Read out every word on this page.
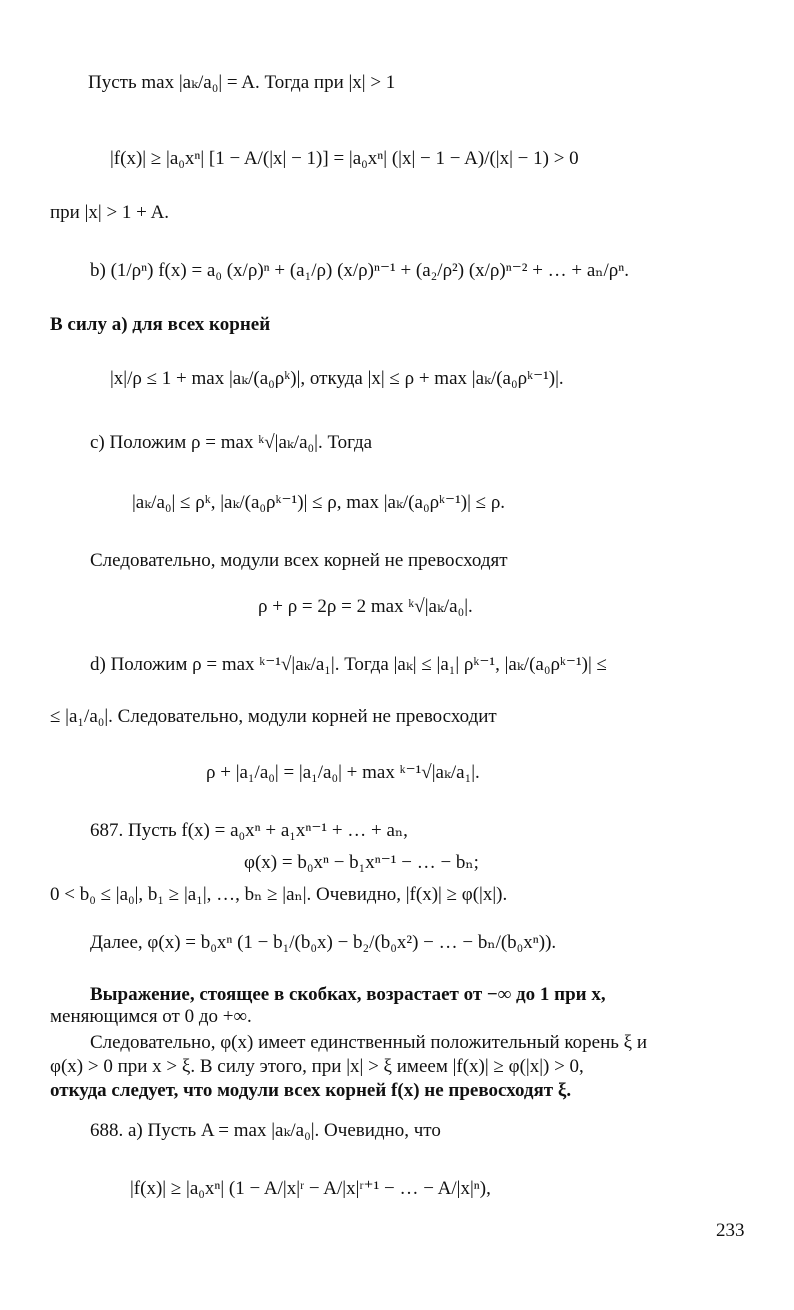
Пусть max |aₖ/a₀| = A. Тогда при |x| > 1
|f(x)| ≥ |a₀xⁿ| [1 − A/(|x| − 1)] = |a₀xⁿ| (|x| − 1 − A)/(|x| − 1) > 0
при |x| > 1 + A.
b) (1/ρⁿ) f(x) = a₀ (x/ρ)ⁿ + (a₁/ρ) (x/ρ)ⁿ⁻¹ + (a₂/ρ²) (x/ρ)ⁿ⁻² + … + aₙ/ρⁿ.
В силу а) для всех корней
|x|/ρ ≤ 1 + max |aₖ/(a₀ρᵏ)|, откуда |x| ≤ ρ + max |aₖ/(a₀ρᵏ⁻¹)|.
с) Положим ρ = max ᵏ√|aₖ/a₀|. Тогда
|aₖ/a₀| ≤ ρᵏ, |aₖ/(a₀ρᵏ⁻¹)| ≤ ρ, max |aₖ/(a₀ρᵏ⁻¹)| ≤ ρ.
Следовательно, модули всех корней не превосходят
ρ + ρ = 2ρ = 2 max ᵏ√|aₖ/a₀|.
d) Положим ρ = max ᵏ⁻¹√|aₖ/a₁|. Тогда |aₖ| ≤ |a₁| ρᵏ⁻¹, |aₖ/(a₀ρᵏ⁻¹)| ≤
≤ |a₁/a₀|. Следовательно, модули корней не превосходит
ρ + |a₁/a₀| = |a₁/a₀| + max ᵏ⁻¹√|aₖ/a₁|.
687. Пусть f(x) = a₀xⁿ + a₁xⁿ⁻¹ + … + aₙ,
φ(x) = b₀xⁿ − b₁xⁿ⁻¹ − … − bₙ;
0 < b₀ ≤ |a₀|, b₁ ≥ |a₁|, …, bₙ ≥ |aₙ|. Очевидно, |f(x)| ≥ φ(|x|).
Далее, φ(x) = b₀xⁿ (1 − b₁/(b₀x) − b₂/(b₀x²) − … − bₙ/(b₀xⁿ)).
Выражение, стоящее в скобках, возрастает от −∞ до 1 при x,
меняющимся от 0 до +∞.
Следовательно, φ(x) имеет единственный положительный корень ξ и
φ(x) > 0 при x > ξ. В силу этого, при |x| > ξ имеем |f(x)| ≥ φ(|x|) > 0,
откуда следует, что модули всех корней f(x) не превосходят ξ.
688. а) Пусть A = max |aₖ/a₀|. Очевидно, что
|f(x)| ≥ |a₀xⁿ| (1 − A/|x|ʳ − A/|x|ʳ⁺¹ − … − A/|x|ⁿ),
233
